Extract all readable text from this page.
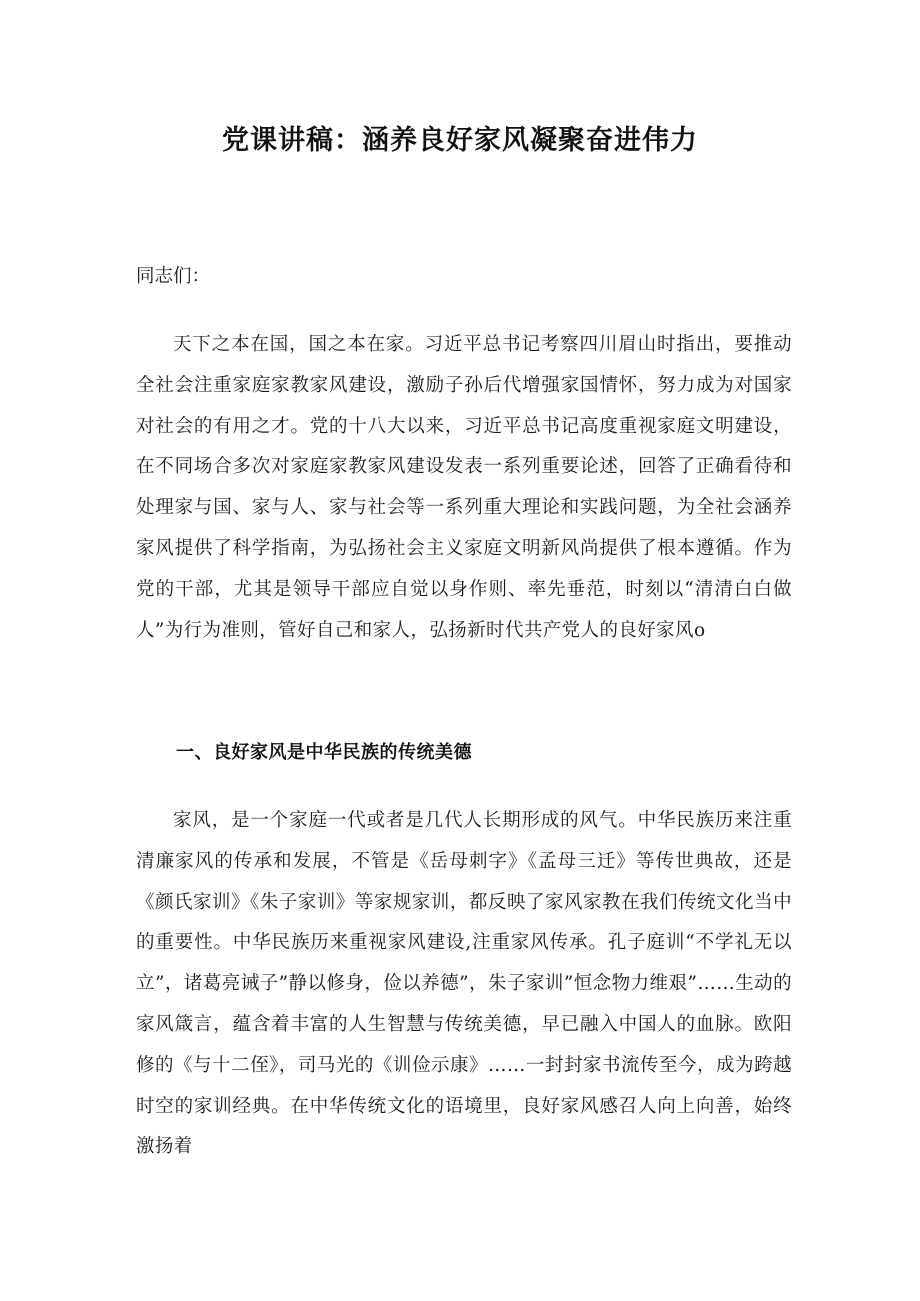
党课讲稿：涵养良好家风凝聚奋进伟力

同志们：

天下之本在国，国之本在家。习近平总书记考察四川眉山时指出，要推动全社会注重家庭家教家风建设，激励子孙后代增强家国情怀，努力成为对国家对社会的有用之才。党的十八大以来，习近平总书记高度重视家庭文明建设，在不同场合多次对家庭家教家风建设发表一系列重要论述，回答了正确看待和处理家与国、家与人、家与社会等一系列重大理论和实践问题，为全社会涵养家风提供了科学指南，为弘扬社会主义家庭文明新风尚提供了根本遵循。作为党的干部，尤其是领导干部应自觉以身作则、率先垂范，时刻以“清清白白做人”为行为准则，管好自己和家人，弘扬新时代共产党人的良好家风o

一、良好家风是中华民族的传统美德

家风，是一个家庭一代或者是几代人长期形成的风气。中华民族历来注重清廉家风的传承和发展，不管是《岳母刺字》《孟母三迁》等传世典故，还是《颜氏家训》《朱子家训》等家规家训，都反映了家风家教在我们传统文化当中的重要性。中华民族历来重视家风建设,注重家风传承。孔子庭训“不学礼无以立”，诸葛亮诫子”静以修身，俭以养德”，朱子家训”恒念物力维艰”……生动的家风箴言，蕴含着丰富的人生智慧与传统美德，早已融入中国人的血脉。欧阳修的《与十二侄》，司马光的《训俭示康》……一封封家书流传至今，成为跨越时空的家训经典。在中华传统文化的语境里，良好家风感召人向上向善，始终激扬着
